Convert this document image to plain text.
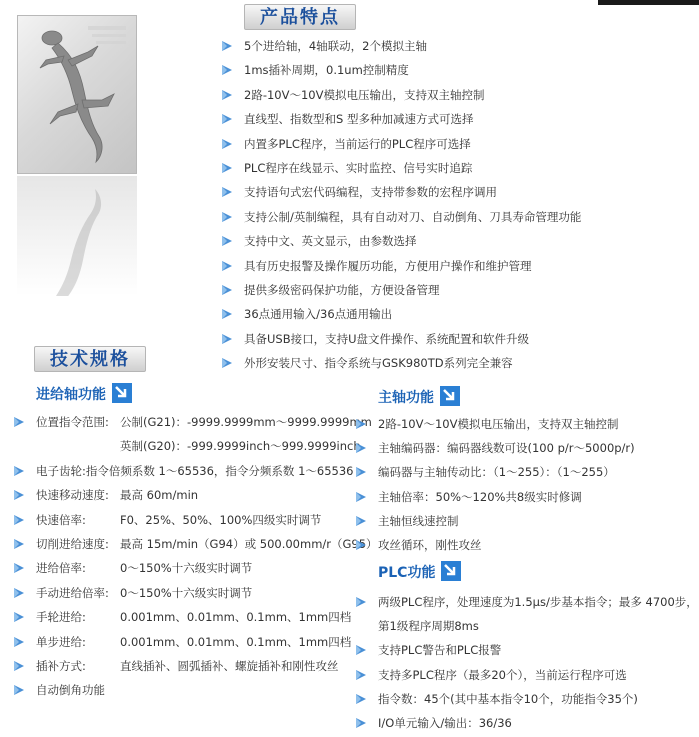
产品特点
技术规格
5个进给轴，4轴联动，2个模拟主轴
1ms插补周期，0.1um控制精度
2路-10V～10V模拟电压输出，支持双主轴控制
直线型、指数型和S 型多种加减速方式可选择
内置多PLC程序，当前运行的PLC程序可选择
PLC程序在线显示、实时监控、信号实时追踪
支持语句式宏代码编程，支持带参数的宏程序调用
支持公制/英制编程，具有自动对刀、自动倒角、刀具寿命管理功能
支持中文、英文显示，由参数选择
具有历史报警及操作履历功能，方便用户操作和维护管理
提供多级密码保护功能，方便设备管理
36点通用输入/36点通用输出
具备USB接口，支持U盘文件操作、系统配置和软件升级
外形安装尺寸、指令系统与GSK980TD系列完全兼容
进给轴功能	主轴功能
PLC功能
位置指令范围: 公制(G21)：-9999.9999mm～9999.9999mm
英制(G20)：-999.9999inch～999.9999inch
电子齿轮:指令倍频系数 1～65536，指令分频系数 1～65536
快速移动速度: 最高 60m/min
快速倍率:	F0、25%、50%、100%四级实时调节
切削进给速度: 最高 15m/min（G94）或 500.00mm/r（G95）
进给倍率:	0～150%十六级实时调节
手动进给倍率: 0～150%十六级实时调节
手轮进给:	0.001mm、0.01mm、0.1mm、1mm四档
单步进给:	0.001mm、0.01mm、0.1mm、1mm四档
插补方式:	直线插补、圆弧插补、螺旋插补和刚性攻丝
自动倒角功能
2路-10V～10V模拟电压输出，支持双主轴控制
主轴编码器：编码器线数可设(100 p/r～5000p/r)
编码器与主轴传动比：（1～255）：（1～255）
主轴倍率：50%～120%共8级实时修调
主轴恒线速控制
攻丝循环，刚性攻丝
两级PLC程序，处理速度为1.5μs/步基本指令；最多 4700步，
第1级程序周期8ms
支持PLC警告和PLC报警
支持多PLC程序（最多20个），当前运行程序可选
指令数：45个(其中基本指令10个，功能指令35个)
I/O单元输入/输出：36/36
